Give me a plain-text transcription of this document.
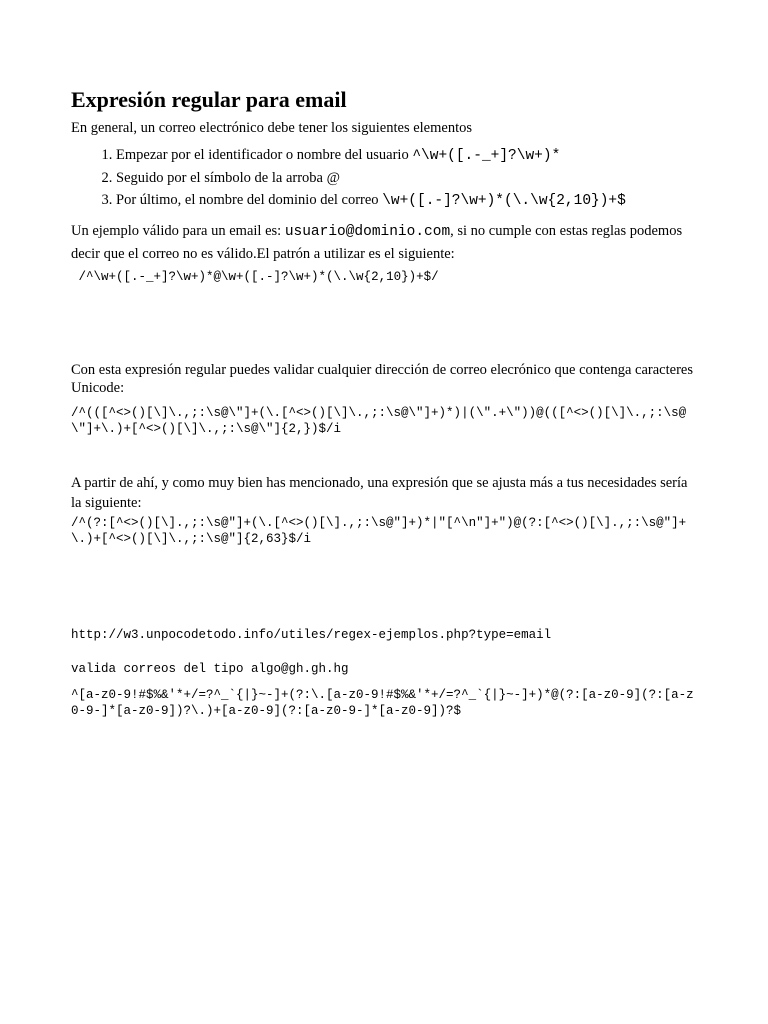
Expresión regular para email

En general, un correo electrónico debe tener los siguientes elementos

1. Empezar por el identificador o nombre del usuario ^\w+([.-_+]?\w+)*
2. Seguido por el símbolo de la arroba @
3. Por último, el nombre del dominio del correo \w+([.-]?\w+)*(\.\w{2,10})+$

Un ejemplo válido para un email es: usuario@dominio.com, si no cumple con estas reglas podemos decir que el correo no es válido.El patrón a utilizar es el siguiente:

/^\w+([.-_+]?\w+)*@\w+([.-]?\w+)*(\.\w{2,10})+$/

Con esta expresión regular puedes validar cualquier dirección de correo elecrónico que contenga caracteres Unicode:

/^(([^<>()[\]\.,;:\s@\"]+(\.[^<>()[\]\.,;:\s@\"]+)*)|(\".+\"))@(([^<>()[\]\.,;:\s@\"]+\.)+[^<>()[\]\.,;:\s@\"]{2,})$/i

A partir de ahí, y como muy bien has mencionado, una expresión que se ajusta más a tus necesidades sería la siguiente:

/^(?:[^<>()[\].,;:\s@"]+(\.[^<>()[\].,;:\s@"]+)*|"[^\n"]+")@(?:[^<>()[\].,;:\s@"]+\.)+[^<>()[\]\.,;:\s@"]{2,63}$/i
http://w3.unpocodetodo.info/utiles/regex-ejemplos.php?type=email
valida correos del tipo algo@gh.gh.hg
^[a-z0-9!#$%&'*+/=?^_`{|}~-]+(?:\.[a-z0-9!#$%&'*+/=?^_`{|}~-]+)*@(?:[a-z0-9](?:[a-z0-9-]*[a-z0-9])?\.)+[a-z0-9](?:[a-z0-9-]*[a-z0-9])?$
